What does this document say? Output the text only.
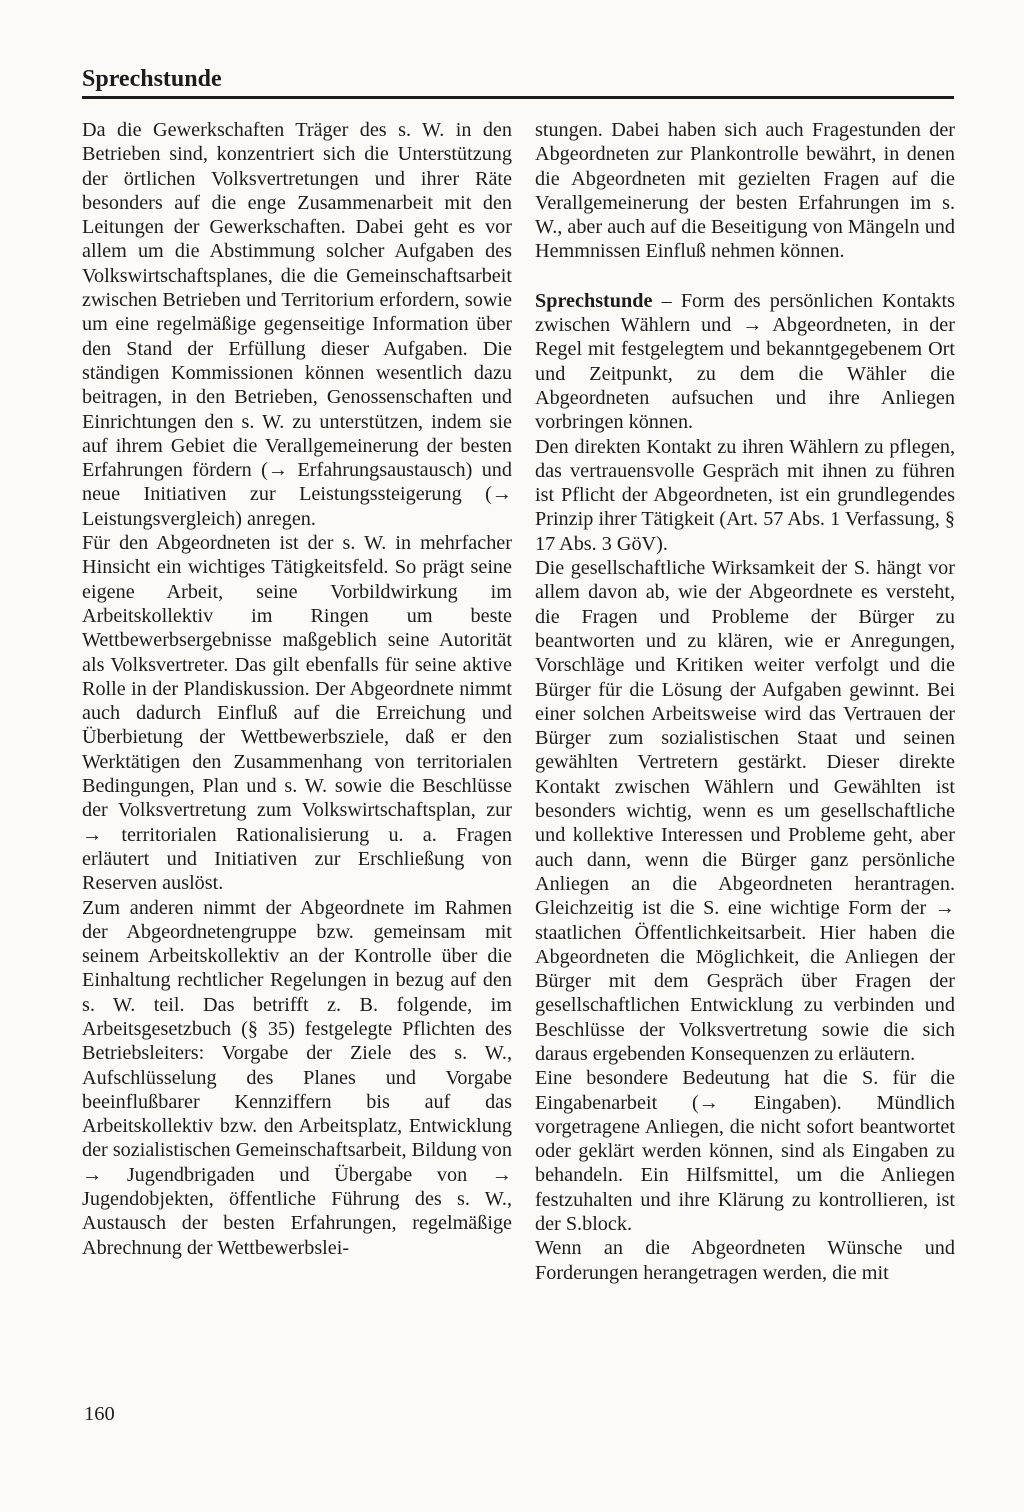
Sprechstunde

Da die Gewerkschaften Träger des s. W. in den Betrieben sind, konzentriert sich die Unterstützung der örtlichen Volksvertretungen und ihrer Räte besonders auf die enge Zusammenarbeit mit den Leitungen der Gewerkschaften. Dabei geht es vor allem um die Abstimmung solcher Aufgaben des Volkswirtschaftsplanes, die die Gemeinschaftsarbeit zwischen Betrieben und Territorium erfordern, sowie um eine regelmäßige gegenseitige Information über den Stand der Erfüllung dieser Aufgaben. Die ständigen Kommissionen können wesentlich dazu beitragen, in den Betrieben, Genossenschaften und Einrichtungen den s. W. zu unterstützen, indem sie auf ihrem Gebiet die Verallgemeinerung der besten Erfahrungen fördern (→ Erfahrungsaustausch) und neue Initiativen zur Leistungssteigerung (→ Leistungsvergleich) anregen.

Für den Abgeordneten ist der s. W. in mehrfacher Hinsicht ein wichtiges Tätigkeitsfeld. So prägt seine eigene Arbeit, seine Vorbildwirkung im Arbeitskollektiv im Ringen um beste Wettbewerbsergebnisse maßgeblich seine Autorität als Volksvertreter. Das gilt ebenfalls für seine aktive Rolle in der Plandiskussion. Der Abgeordnete nimmt auch dadurch Einfluß auf die Erreichung und Überbietung der Wettbewerbsziele, daß er den Werktätigen den Zusammenhang von territorialen Bedingungen, Plan und s. W. sowie die Beschlüsse der Volksvertretung zum Volkswirtschaftsplan, zur → territorialen Rationalisierung u. a. Fragen erläutert und Initiativen zur Erschließung von Reserven auslöst.

Zum anderen nimmt der Abgeordnete im Rahmen der Abgeordnetengruppe bzw. gemeinsam mit seinem Arbeitskollektiv an der Kontrolle über die Einhaltung rechtlicher Regelungen in bezug auf den s. W. teil. Das betrifft z. B. folgende, im Arbeitsgesetzbuch (§ 35) festgelegte Pflichten des Betriebsleiters: Vorgabe der Ziele des s. W., Aufschlüsselung des Planes und Vorgabe beeinflußbarer Kennziffern bis auf das Arbeitskollektiv bzw. den Arbeitsplatz, Entwicklung der sozialistischen Gemeinschaftsarbeit, Bildung von → Jugendbrigaden und Übergabe von → Jugendobjekten, öffentliche Führung des s. W., Austausch der besten Erfahrungen, regelmäßige Abrechnung der Wettbewerbslei-

stungen. Dabei haben sich auch Fragestunden der Abgeordneten zur Plankontrolle bewährt, in denen die Abgeordneten mit gezielten Fragen auf die Verallgemeinerung der besten Erfahrungen im s. W., aber auch auf die Beseitigung von Mängeln und Hemmnissen Einfluß nehmen können.

Sprechstunde – Form des persönlichen Kontakts zwischen Wählern und → Abgeordneten, in der Regel mit festgelegtem und bekanntgegebenem Ort und Zeitpunkt, zu dem die Wähler die Abgeordneten aufsuchen und ihre Anliegen vorbringen können.

Den direkten Kontakt zu ihren Wählern zu pflegen, das vertrauensvolle Gespräch mit ihnen zu führen ist Pflicht der Abgeordneten, ist ein grundlegendes Prinzip ihrer Tätigkeit (Art. 57 Abs. 1 Verfassung, § 17 Abs. 3 GöV).

Die gesellschaftliche Wirksamkeit der S. hängt vor allem davon ab, wie der Abgeordnete es versteht, die Fragen und Probleme der Bürger zu beantworten und zu klären, wie er Anregungen, Vorschläge und Kritiken weiter verfolgt und die Bürger für die Lösung der Aufgaben gewinnt. Bei einer solchen Arbeitsweise wird das Vertrauen der Bürger zum sozialistischen Staat und seinen gewählten Vertretern gestärkt. Dieser direkte Kontakt zwischen Wählern und Gewählten ist besonders wichtig, wenn es um gesellschaftliche und kollektive Interessen und Probleme geht, aber auch dann, wenn die Bürger ganz persönliche Anliegen an die Abgeordneten herantragen. Gleichzeitig ist die S. eine wichtige Form der → staatlichen Öffentlichkeitsarbeit. Hier haben die Abgeordneten die Möglichkeit, die Anliegen der Bürger mit dem Gespräch über Fragen der gesellschaftlichen Entwicklung zu verbinden und Beschlüsse der Volksvertretung sowie die sich daraus ergebenden Konsequenzen zu erläutern.

Eine besondere Bedeutung hat die S. für die Eingabenarbeit (→ Eingaben). Mündlich vorgetragene Anliegen, die nicht sofort beantwortet oder geklärt werden können, sind als Eingaben zu behandeln. Ein Hilfsmittel, um die Anliegen festzuhalten und ihre Klärung zu kontrollieren, ist der S.block.

Wenn an die Abgeordneten Wünsche und Forderungen herangetragen werden, die mit

160
